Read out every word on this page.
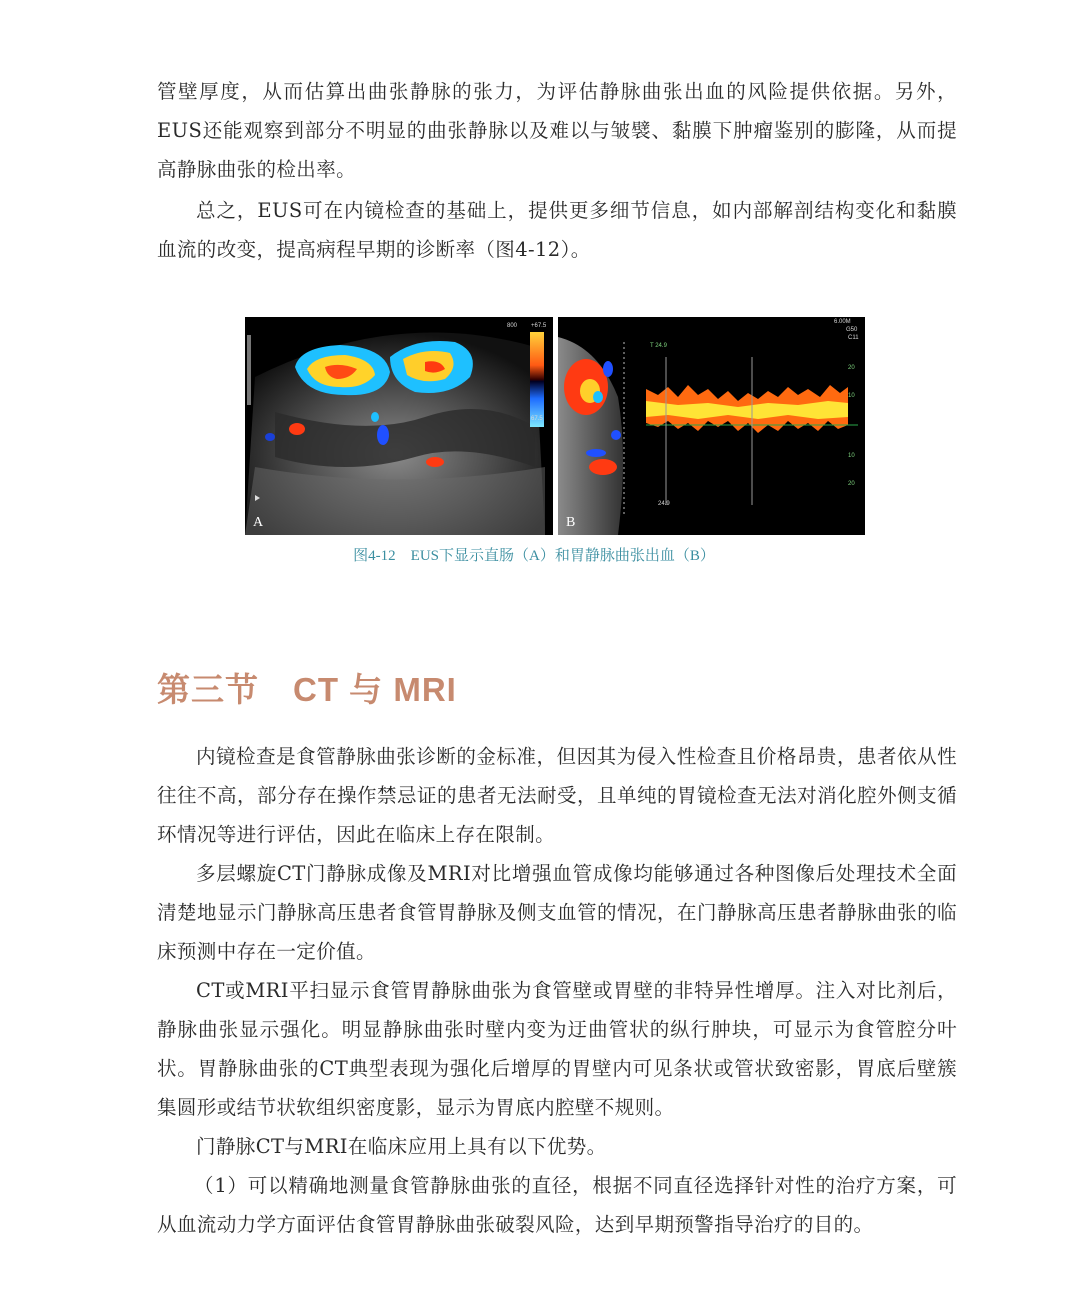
管壁厚度，从而估算出曲张静脉的张力，为评估静脉曲张出血的风险提供依据。另外，EUS还能观察到部分不明显的曲张静脉以及难以与皱襞、黏膜下肿瘤鉴别的膨隆，从而提高静脉曲张的检出率。

总之，EUS可在内镜检查的基础上，提供更多细节信息，如内部解剖结构变化和黏膜血流的改变，提高病程早期的诊断率（图4-12）。

800 +67.5
67.5
A
6.00M
G50
C11
T 24.9
24.9
20
10
10
20
B
图4-12　EUS下显示直肠（A）和胃静脉曲张出血（B）
第三节 CT 与 MRI

内镜检查是食管静脉曲张诊断的金标准，但因其为侵入性检查且价格昂贵，患者依从性往往不高，部分存在操作禁忌证的患者无法耐受，且单纯的胃镜检查无法对消化腔外侧支循环情况等进行评估，因此在临床上存在限制。

多层螺旋CT门静脉成像及MRI对比增强血管成像均能够通过各种图像后处理技术全面清楚地显示门静脉高压患者食管胃静脉及侧支血管的情况，在门静脉高压患者静脉曲张的临床预测中存在一定价值。

CT或MRI平扫显示食管胃静脉曲张为食管壁或胃壁的非特异性增厚。注入对比剂后，静脉曲张显示强化。明显静脉曲张时壁内变为迂曲管状的纵行肿块，可显示为食管腔分叶状。胃静脉曲张的CT典型表现为强化后增厚的胃壁内可见条状或管状致密影，胃底后壁簇集圆形或结节状软组织密度影，显示为胃底内腔壁不规则。

门静脉CT与MRI在临床应用上具有以下优势。

（1）可以精确地测量食管静脉曲张的直径，根据不同直径选择针对性的治疗方案，可从血流动力学方面评估食管胃静脉曲张破裂风险，达到早期预警指导治疗的目的。
